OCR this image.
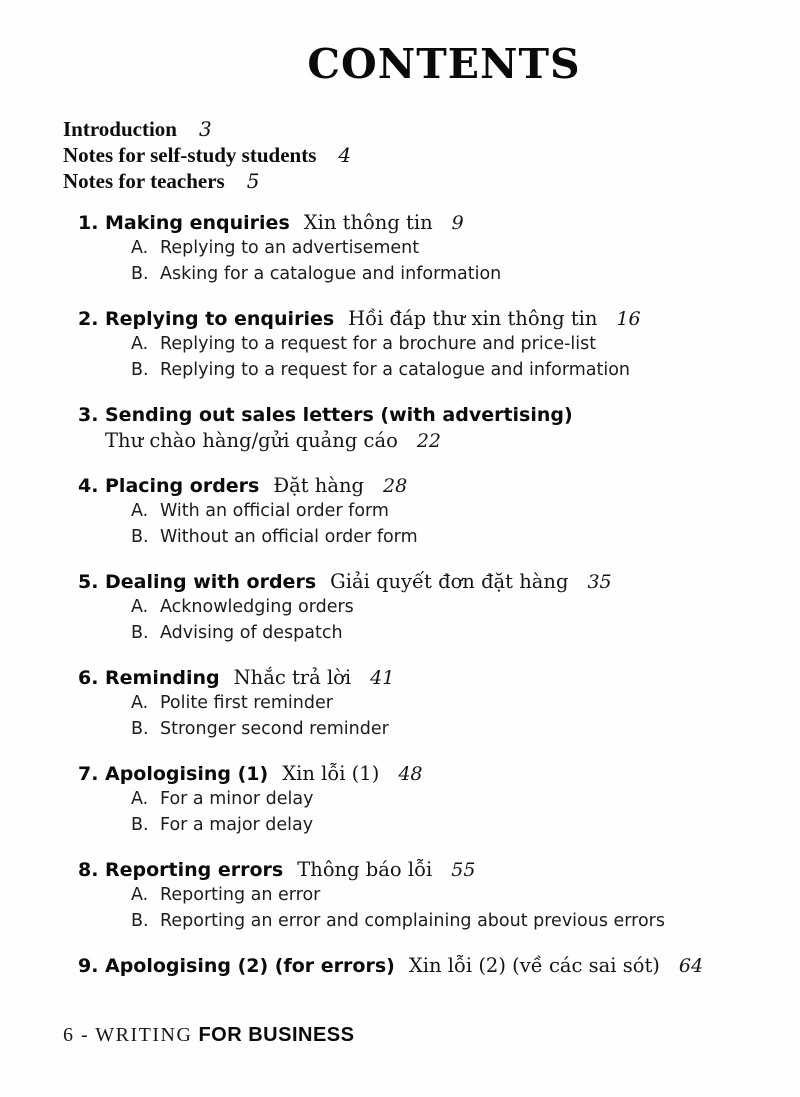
CONTENTS
Introduction 3
Notes for self-study students 4
Notes for teachers 5
1. Making enquiries Xin thông tin 9
A. Replying to an advertisement
B. Asking for a catalogue and information
2. Replying to enquiries Hồi đáp thư xin thông tin 16
A. Replying to a request for a brochure and price-list
B. Replying to a request for a catalogue and information
3. Sending out sales letters (with advertising)
Thư chào hàng/gửi quảng cáo 22
4. Placing orders Đặt hàng 28
A. With an official order form
B. Without an official order form
5. Dealing with orders Giải quyết đơn đặt hàng 35
A. Acknowledging orders
B. Advising of despatch
6. Reminding Nhắc trả lời 41
A. Polite first reminder
B. Stronger second reminder
7. Apologising (1) Xin lỗi (1) 48
A. For a minor delay
B. For a major delay
8. Reporting errors Thông báo lỗi 55
A. Reporting an error
B. Reporting an error and complaining about previous errors
9. Apologising (2) (for errors) Xin lỗi (2) (về các sai sót) 64
6 - WRITING FOR BUSINESS
